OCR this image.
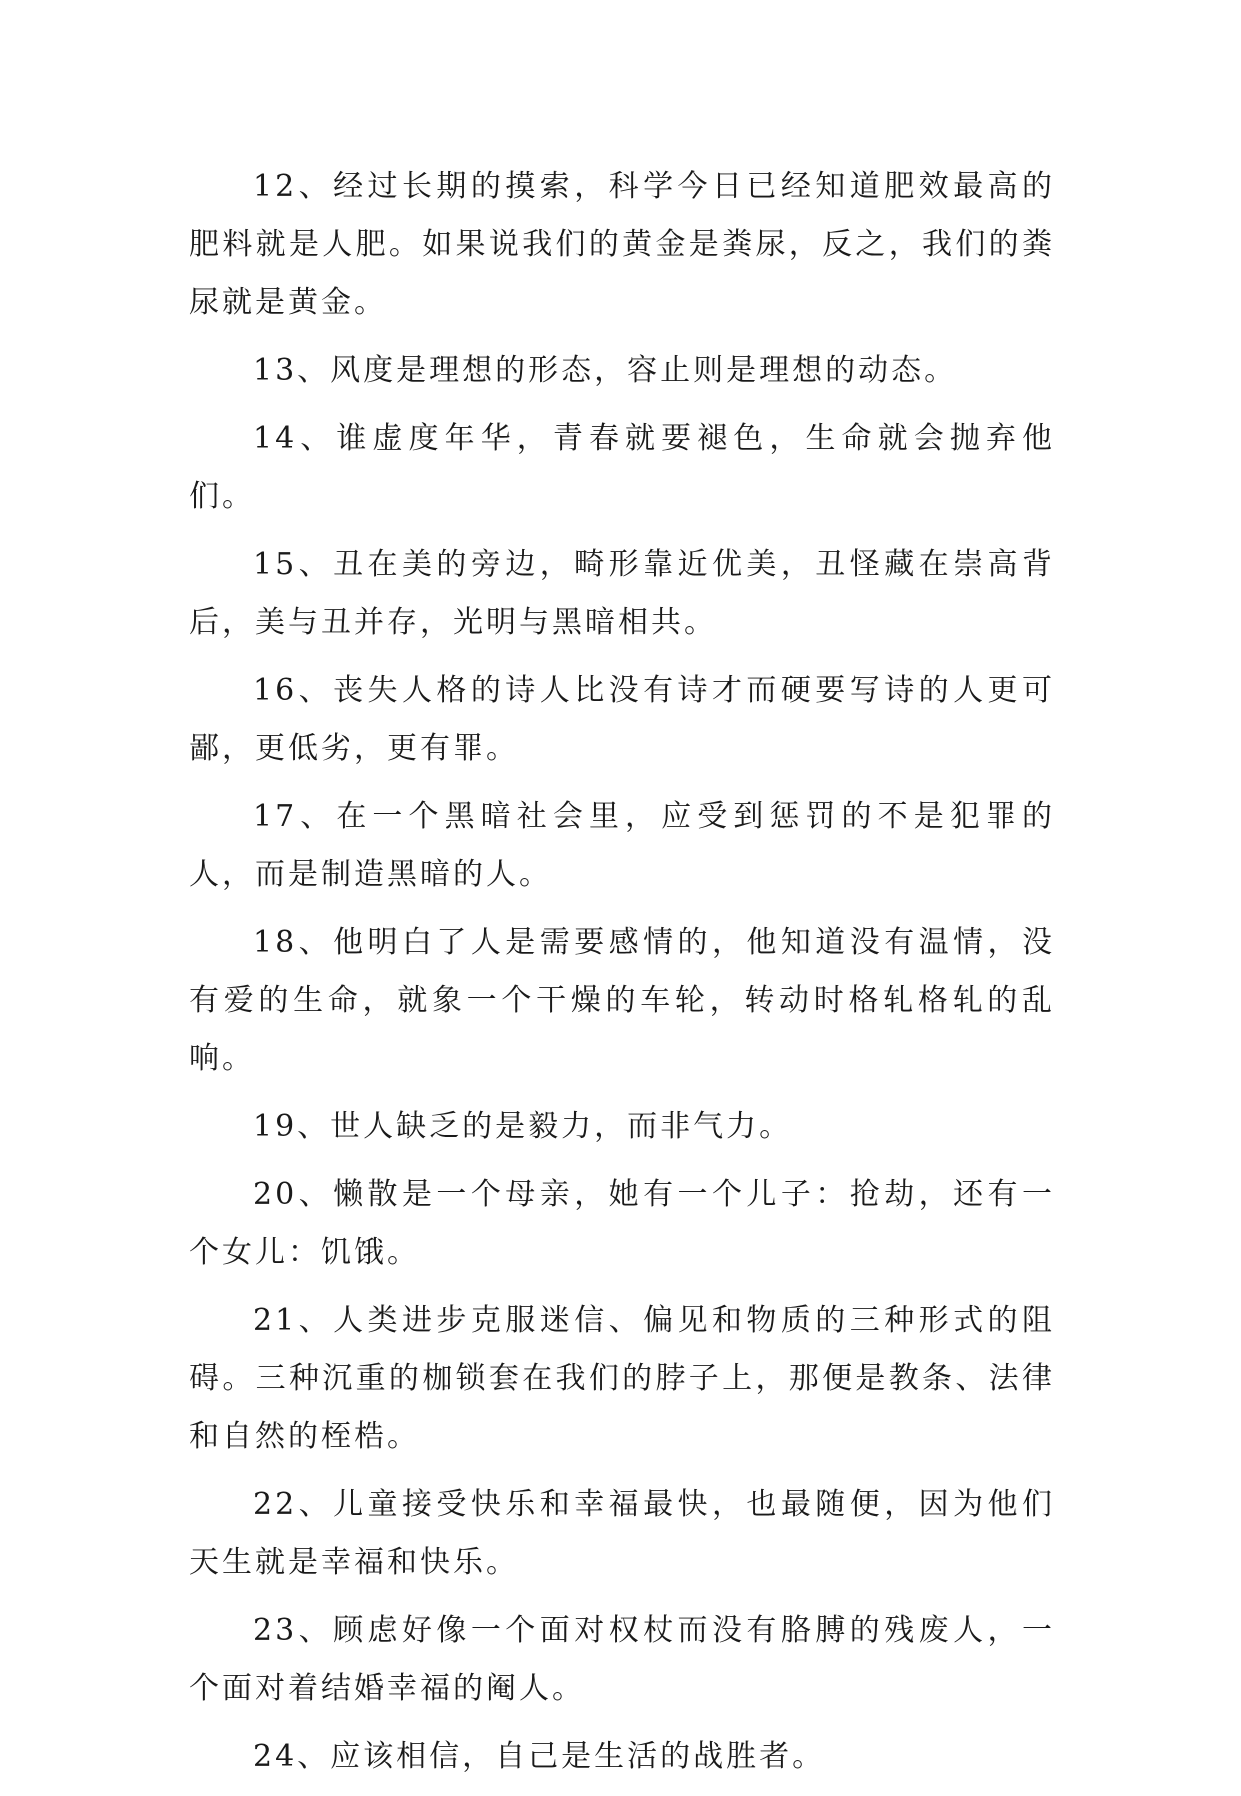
12、经过长期的摸索，科学今日已经知道肥效最高的肥料就是人肥。如果说我们的黄金是粪尿，反之，我们的粪尿就是黄金。

13、风度是理想的形态，容止则是理想的动态。

14、谁虚度年华，青春就要褪色，生命就会抛弃他们。

15、丑在美的旁边，畸形靠近优美，丑怪藏在崇高背后，美与丑并存，光明与黑暗相共。

16、丧失人格的诗人比没有诗才而硬要写诗的人更可鄙，更低劣，更有罪。

17、在一个黑暗社会里，应受到惩罚的不是犯罪的人，而是制造黑暗的人。

18、他明白了人是需要感情的，他知道没有温情，没有爱的生命，就象一个干燥的车轮，转动时格轧格轧的乱响。

19、世人缺乏的是毅力，而非气力。

20、懒散是一个母亲，她有一个儿子：抢劫，还有一个女儿：饥饿。

21、人类进步克服迷信、偏见和物质的三种形式的阻碍。三种沉重的枷锁套在我们的脖子上，那便是教条、法律和自然的桎梏。

22、儿童接受快乐和幸福最快，也最随便，因为他们天生就是幸福和快乐。

23、顾虑好像一个面对权杖而没有胳膊的残废人，一个面对着结婚幸福的阉人。

24、应该相信，自己是生活的战胜者。
